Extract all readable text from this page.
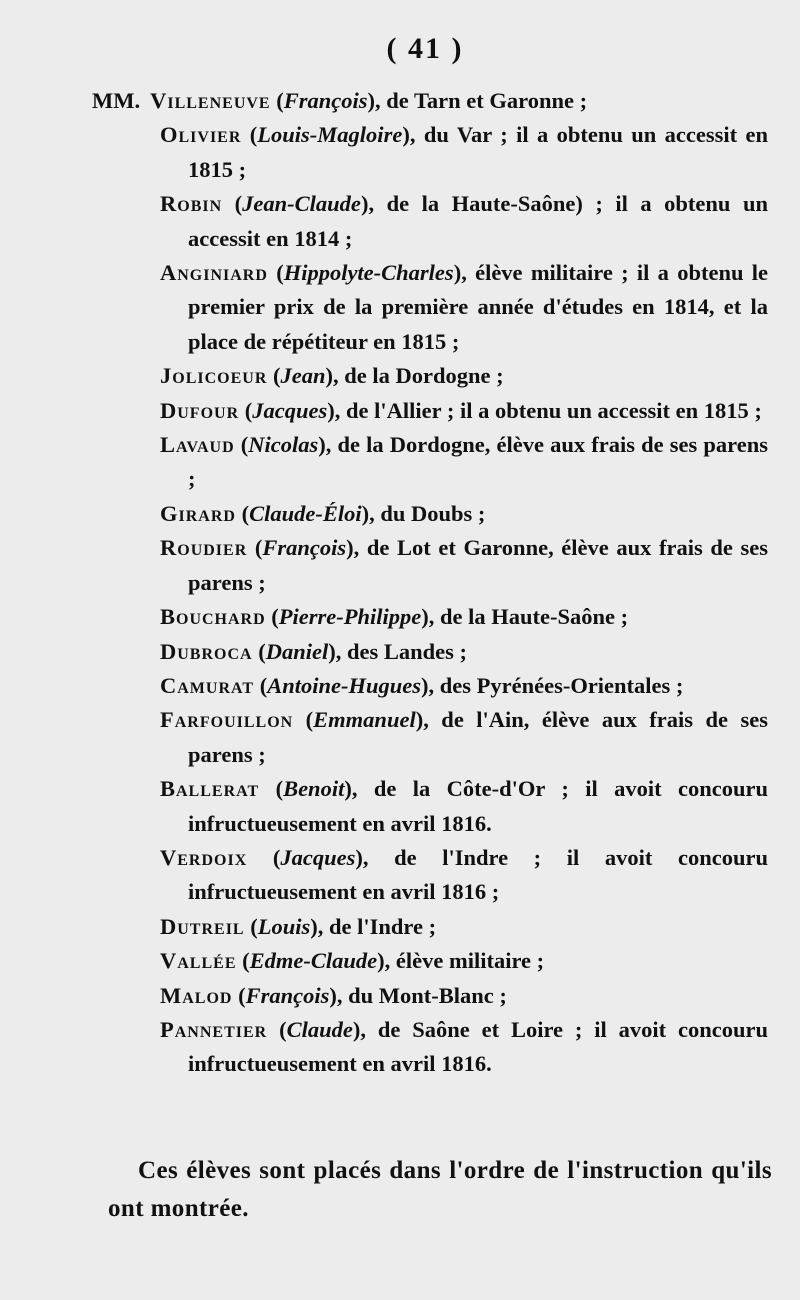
( 41 )

MM. Villeneuve (François), de Tarn et Garonne ;

Olivier (Louis-Magloire), du Var ; il a obtenu un accessit en 1815 ;

Robin (Jean-Claude), de la Haute-Saône) ; il a obtenu un accessit en 1814 ;

Anginiard (Hippolyte-Charles), élève militaire ; il a obtenu le premier prix de la première année d'études en 1814, et la place de répétiteur en 1815 ;

Jolicoeur (Jean), de la Dordogne ;

Dufour (Jacques), de l'Allier ; il a obtenu un accessit en 1815 ;

Lavaud (Nicolas), de la Dordogne, élève aux frais de ses parens ;

Girard (Claude-Éloi), du Doubs ;

Roudier (François), de Lot et Garonne, élève aux frais de ses parens ;

Bouchard (Pierre-Philippe), de la Haute-Saône ;

Dubroca (Daniel), des Landes ;

Camurat (Antoine-Hugues), des Pyrénées-Orientales ;

Farfouillon (Emmanuel), de l'Ain, élève aux frais de ses parens ;

Ballerat (Benoit), de la Côte-d'Or ; il avoit concouru infructueusement en avril 1816.

Verdoix (Jacques), de l'Indre ; il avoit concouru infructueusement en avril 1816 ;

Dutreil (Louis), de l'Indre ;

Vallée (Edme-Claude), élève militaire ;

Malod (François), du Mont-Blanc ;

Pannetier (Claude), de Saône et Loire ; il avoit concouru infructueusement en avril 1816.

Ces élèves sont placés dans l'ordre de l'instruction qu'ils ont montrée.
